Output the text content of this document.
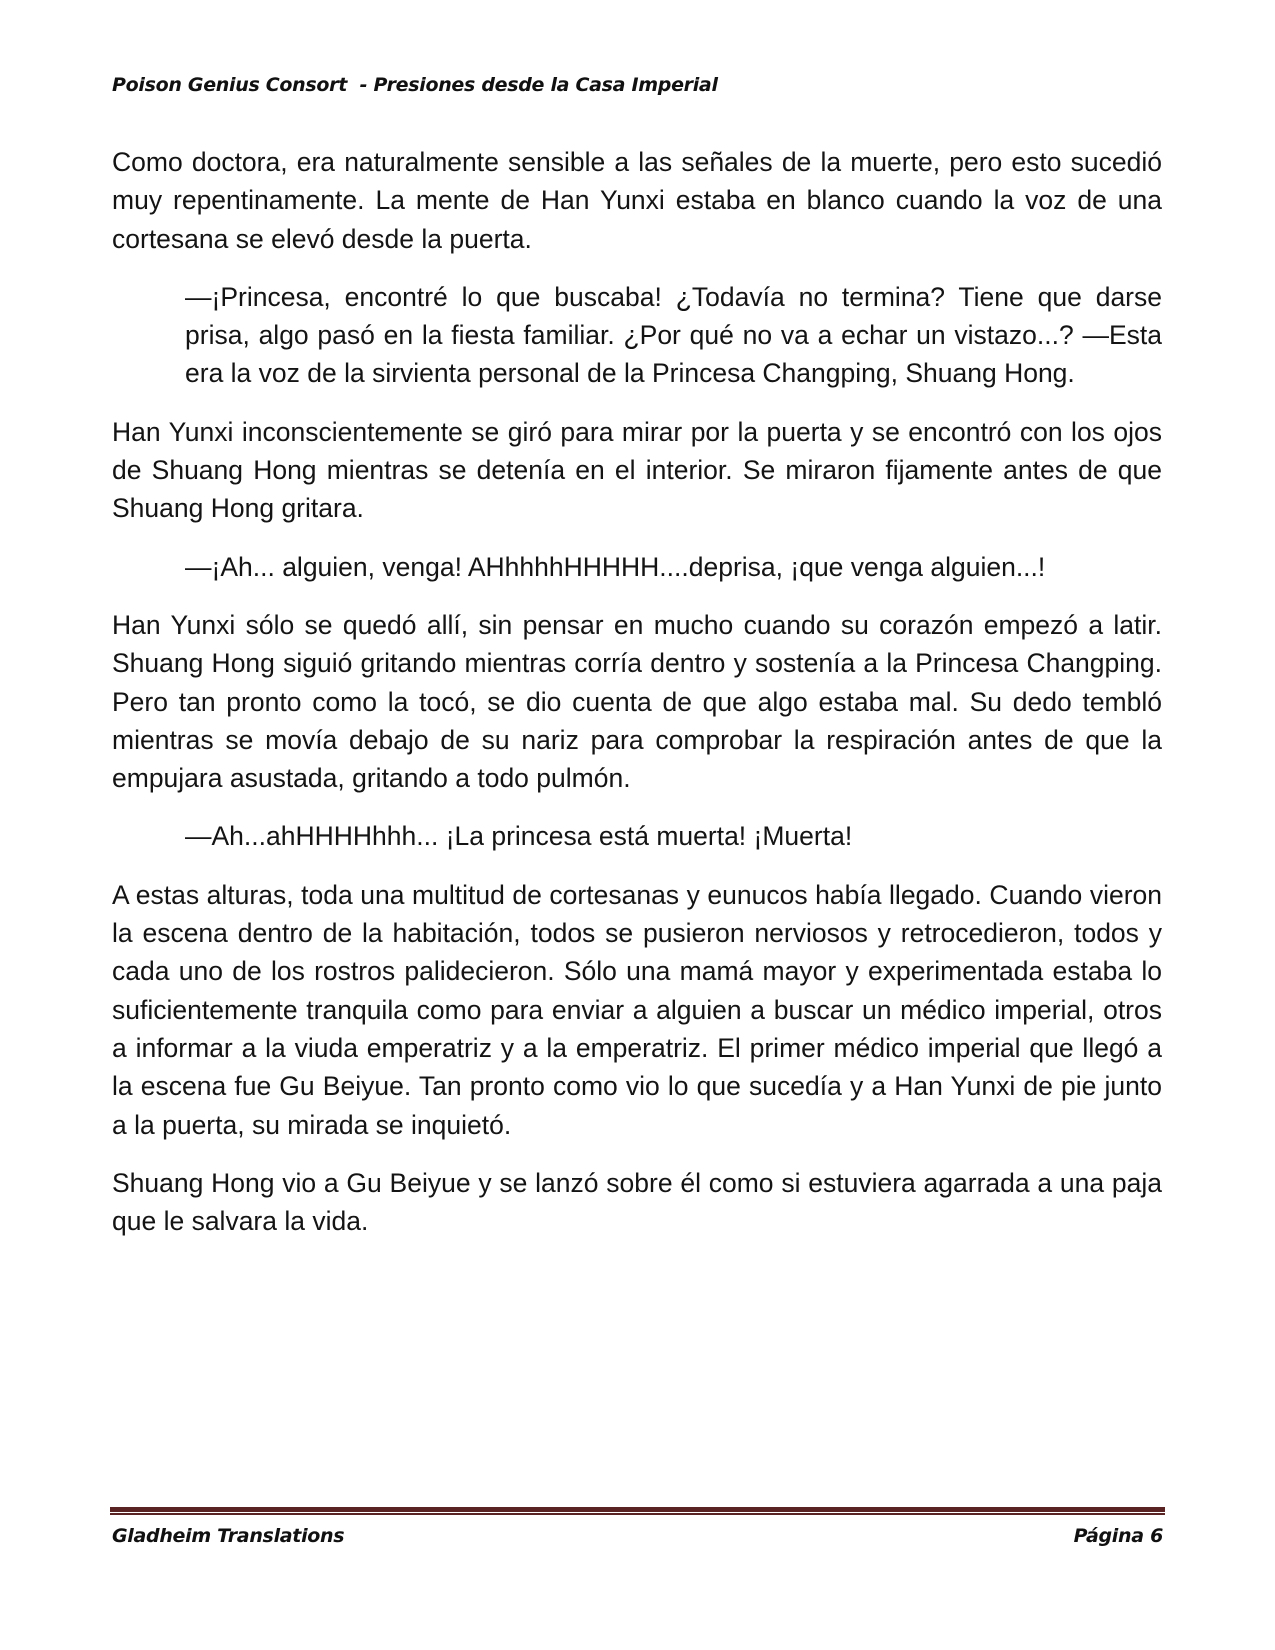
Poison Genius Consort  - Presiones desde la Casa Imperial

Como doctora, era naturalmente sensible a las señales de la muerte, pero esto sucedió muy repentinamente. La mente de Han Yunxi estaba en blanco cuando la voz de una cortesana se elevó desde la puerta.

—¡Princesa, encontré lo que buscaba! ¿Todavía no termina? Tiene que darse prisa, algo pasó en la fiesta familiar. ¿Por qué no va a echar un vistazo...? —Esta era la voz de la sirvienta personal de la Princesa Changping, Shuang Hong.

Han Yunxi inconscientemente se giró para mirar por la puerta y se encontró con los ojos de Shuang Hong mientras se detenía en el interior. Se miraron fijamente antes de que Shuang Hong gritara.

—¡Ah... alguien, venga! AHhhhhHHHHH....deprisa, ¡que venga alguien...!

Han Yunxi sólo se quedó allí, sin pensar en mucho cuando su corazón empezó a latir. Shuang Hong siguió gritando mientras corría dentro y sostenía a la Princesa Changping. Pero tan pronto como la tocó, se dio cuenta de que algo estaba mal. Su dedo tembló mientras se movía debajo de su nariz para comprobar la respiración antes de que la empujara asustada, gritando a todo pulmón.

—Ah...ahHHHHhhh... ¡La princesa está muerta! ¡Muerta!

A estas alturas, toda una multitud de cortesanas y eunucos había llegado. Cuando vieron la escena dentro de la habitación, todos se pusieron nerviosos y retrocedieron, todos y cada uno de los rostros palidecieron. Sólo una mamá mayor y experimentada estaba lo suficientemente tranquila como para enviar a alguien a buscar un médico imperial, otros a informar a la viuda emperatriz y a la emperatriz. El primer médico imperial que llegó a la escena fue Gu Beiyue. Tan pronto como vio lo que sucedía y a Han Yunxi de pie junto a la puerta, su mirada se inquietó.

Shuang Hong vio a Gu Beiyue y se lanzó sobre él como si estuviera agarrada a una paja que le salvara la vida.

Gladheim Translations	Página 6
